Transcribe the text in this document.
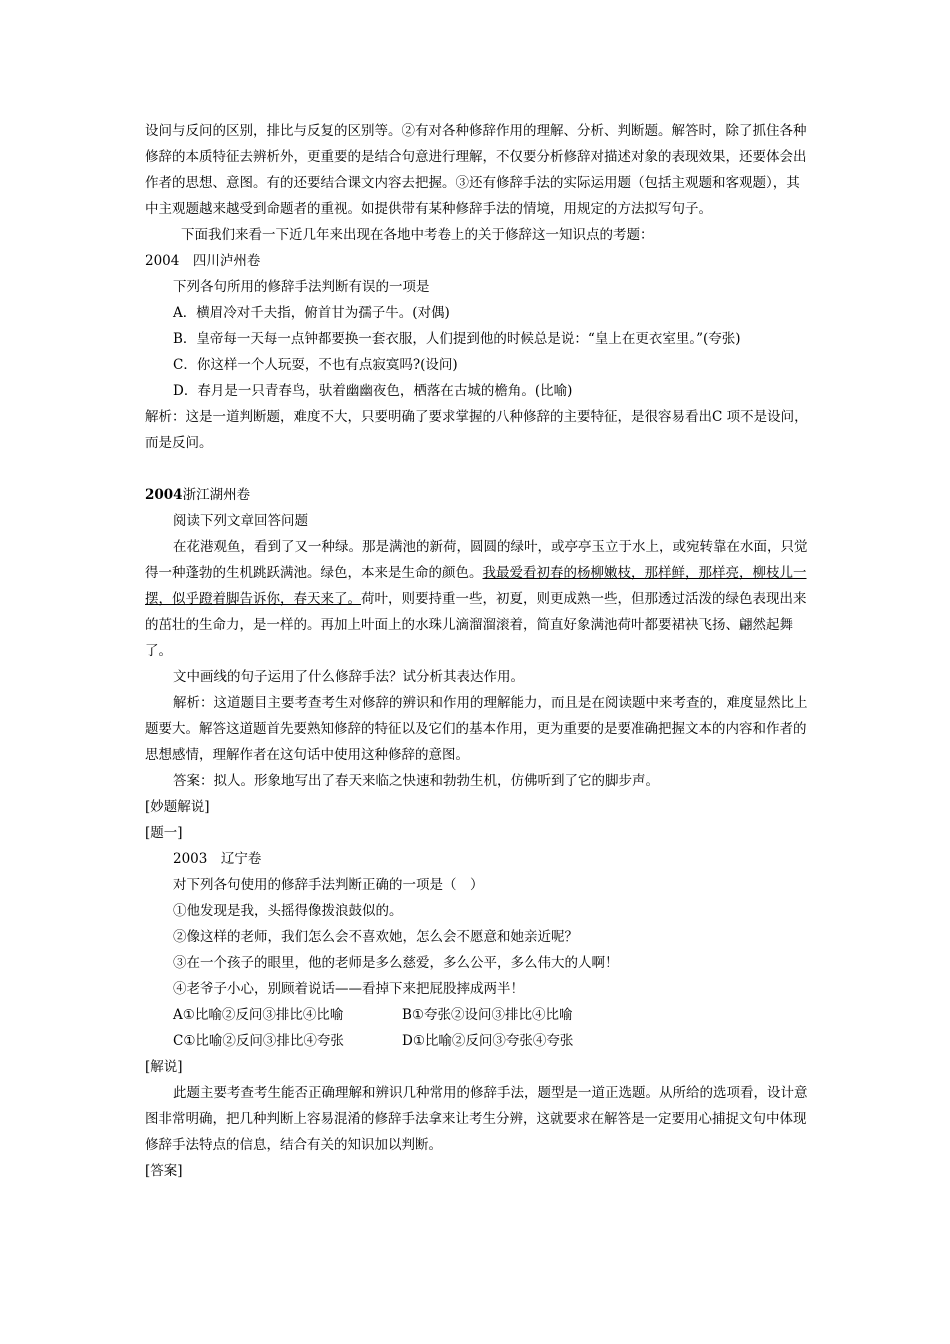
设问与反问的区别，排比与反复的区别等。②有对各种修辞作用的理解、分析、判断题。解答时，除了抓住各种修辞的本质特征去辨析外，更重要的是结合句意进行理解，不仅要分析修辞对描述对象的表现效果，还要体会出作者的思想、意图。有的还要结合课文内容去把握。③还有修辞手法的实际运用题（包括主观题和客观题），其中主观题越来越受到命题者的重视。如提供带有某种修辞手法的情境，用规定的方法拟写句子。

下面我们来看一下近几年来出现在各地中考卷上的关于修辞这一知识点的考题：

2004　四川泸州卷

下列各句所用的修辞手法判断有误的一项是

A．横眉冷对千夫指，俯首甘为孺子牛。(对偶)

B．皇帝每一天每一点钟都要换一套衣服，人们提到他的时候总是说：“皇上在更衣室里。”(夸张)

C．你这样一个人玩耍，不也有点寂寞吗?(设问)

D．春月是一只青春鸟，驮着幽幽夜色，栖落在古城的檐角。(比喻)

解析：这是一道判断题，难度不大，只要明确了要求掌握的八种修辞的主要特征，是很容易看出C 项不是设问，而是反问。

2004浙江湖州卷

阅读下列文章回答问题

在花港观鱼，看到了又一种绿。那是满池的新荷，圆圆的绿叶，或亭亭玉立于水上，或宛转靠在水面，只觉得一种蓬勃的生机跳跃满池。绿色，本来是生命的颜色。我最爱看初春的杨柳嫩枝，那样鲜，那样亮，柳枝儿一摆，似乎蹬着脚告诉你，春天来了。荷叶，则要持重一些，初夏，则更成熟一些，但那透过活泼的绿色表现出来的茁壮的生命力，是一样的。再加上叶面上的水珠儿滴溜溜滚着，简直好象满池荷叶都要裙袂飞扬、翩然起舞了。

文中画线的句子运用了什么修辞手法？试分析其表达作用。

解析：这道题目主要考查考生对修辞的辨识和作用的理解能力，而且是在阅读题中来考查的，难度显然比上题要大。解答这道题首先要熟知修辞的特征以及它们的基本作用，更为重要的是要准确把握文本的内容和作者的思想感情，理解作者在这句话中使用这种修辞的意图。

答案：拟人。形象地写出了春天来临之快速和勃勃生机，仿佛听到了它的脚步声。

[妙题解说]

[题一]

2003　辽宁卷

对下列各句使用的修辞手法判断正确的一项是（　）

①他发现是我，头摇得像拨浪鼓似的。

②像这样的老师，我们怎么会不喜欢她，怎么会不愿意和她亲近呢？

③在一个孩子的眼里，他的老师是多么慈爱，多么公平，多么伟大的人啊！

④老爷子小心，别顾着说话——看掉下来把屁股摔成两半！

A①比喻②反问③排比④比喻	B①夸张②设问③排比④比喻
C①比喻②反问③排比④夸张	D①比喻②反问③夸张④夸张

[解说]

此题主要考查考生能否正确理解和辨识几种常用的修辞手法，题型是一道正选题。从所给的选项看，设计意图非常明确，把几种判断上容易混淆的修辞手法拿来让考生分辨，这就要求在解答是一定要用心捕捉文句中体现修辞手法特点的信息，结合有关的知识加以判断。

[答案]
